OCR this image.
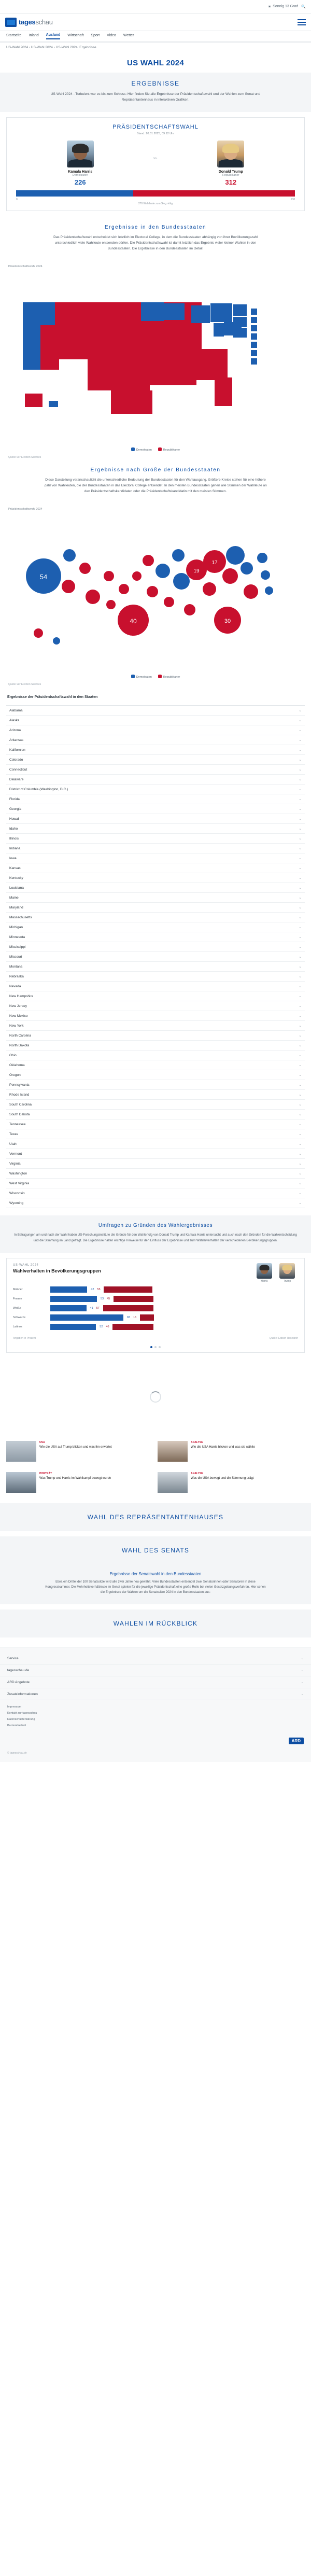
☀ Sonnig 13 Grad 🔍
tagesschau
Startseite Inland Ausland Wirtschaft Sport Video Wetter
US-Wahl 2024 › US-Wahl 2024 › US-Wahl 2024: Ergebnisse
US WAHL 2024
ERGEBNISSE

US-Wahl 2024 - Turbulent war es bis zum Schluss: Hier finden Sie alle Ergebnisse der Präsidentschaftswahl und der Wahlen zum Senat und Repräsentantenhaus in interaktiven Grafiken.

PRÄSIDENTSCHAFTSWAHL
Stand: 20.01.2025, 09:12 Uhr
Kamala Harris
Demokraten
226
vs.
Donald Trump
Republikaner
312
0	538
270 Wahlleute zum Sieg nötig
Ergebnisse in den Bundesstaaten

Das Präsidentschaftswahl entscheidet sich letztlich im Electoral College, in dem die Bundesstaaten abhängig von ihrer Bevölkerungszahl unterschiedlich viele Wahlleute entsenden dürfen. Die Präsidentschaftswahl ist damit letztlich das Ergebnis vieler kleiner Wahlen in den Bundesstaaten. Die Ergebnisse in den Bundesstaaten im Detail:

Präsidentschaftswahl 2024
Demokraten	Republikaner
Quelle: AP Election Services
Ergebnisse nach Größe der Bundesstaaten

Diese Darstellung veranschaulicht die unterschiedliche Bedeutung der Bundesstaaten für den Wahlausgang. Größere Kreise stehen für eine höhere Zahl von Wahlleuten, die der Bundesstaaten in das Electoral College entsendet. In den meisten Bundesstaaten gehen alle Stimmen der Wahlleute an den Präsidentschaftskandidaten oder die Präsidentschaftskandidatin mit den meisten Stimmen.

Präsidentschaftswahl 2024
54
40
19
17
30
Demokraten	Republikaner
Quelle: AP Election Services
Ergebnisse der Präsidentschaftswahl in den Staaten
Alabama	⌄
Alaska	⌄
Arizona	⌄
Arkansas	⌄
Kalifornien	⌄
Colorado	⌄
Connecticut	⌄
Delaware	⌄
District of Columbia (Washington, D.C.)	⌄
Florida	⌄
Georgia	⌄
Hawaii	⌄
Idaho	⌄
Illinois	⌄
Indiana	⌄
Iowa	⌄
Kansas	⌄
Kentucky	⌄
Louisiana	⌄
Maine	⌄
Maryland	⌄
Massachusetts	⌄
Michigan	⌄
Minnesota	⌄
Mississippi	⌄
Missouri	⌄
Montana	⌄
Nebraska	⌄
Nevada	⌄
New Hampshire	⌄
New Jersey	⌄
New Mexico	⌄
New York	⌄
North Carolina	⌄
North Dakota	⌄
Ohio	⌄
Oklahoma	⌄
Oregon	⌄
Pennsylvania	⌄
Rhode Island	⌄
South Carolina	⌄
South Dakota	⌄
Tennessee	⌄
Texas	⌄
Utah	⌄
Vermont	⌄
Virginia	⌄
Washington	⌄
West Virginia	⌄
Wisconsin	⌄
Wyoming	⌄
Umfragen zu Gründen des Wahlergebnisses

In Befragungen am und nach der Wahl haben US-Forschungsinstitute die Gründe für den Wahlerfolg von Donald Trump und Kamala Harris untersucht und auch nach den Gründen für die Wahlentscheidung und die Stimmung im Land gefragt. Die Ergebnisse halten wichtige Hinweise für den Einfluss der Ergebnisse und zum Wählerverhalten der verschiedenen Bevölkerungsgruppen.

US-WAHL 2024
Wahlverhalten in Bevölkerungsgruppen
Harris	Trump
Männer	42	55
Frauen	53	45
Weiße	41	57
Schwarze	83	16
Latinos	52	46
Angaben in Prozent	Quelle: Edison Research
USA
Wie die USA auf Trump blicken und was ihn erwartet
ANALYSE
Wie die USA Harris blicken und was sie wählte
PORTRÄT
Was Trump und Harris im Wahlkampf bewegt wurde
ANALYSE
Was die USA bewegt und die Stimmung prägt
WAHL DES REPRÄSENTANTENHAUSES
WAHL DES SENATS
Ergebnisse der Senatswahl in den Bundesstaaten

Etwa ein Drittel der 100 Senatssitze wird alle zwei Jahre neu gewählt. Viele Bundesstaaten entsendet zwei Senatorinnen oder Senatoren in diese Kongresskammer. Die Mehrheitsverhältnisse im Senat spielen für die jeweilige Präsidentschaft eine große Rolle bei vielen Gesetzgebungsverfahren. Hier sehen die Ergebnisse der Wahlen um die Senatssitze 2024 in den Bundesstaaten aus:

WAHLEN IM RÜCKBLICK
Service	⌄
tagesschau.de	⌄
ARD Angebote	⌄
Zusatzinformationen	⌄
Impressum
Kontakt zur tagesschau
Datenschutzerklärung
Barrierefreiheit
ARD
© tagesschau.de
